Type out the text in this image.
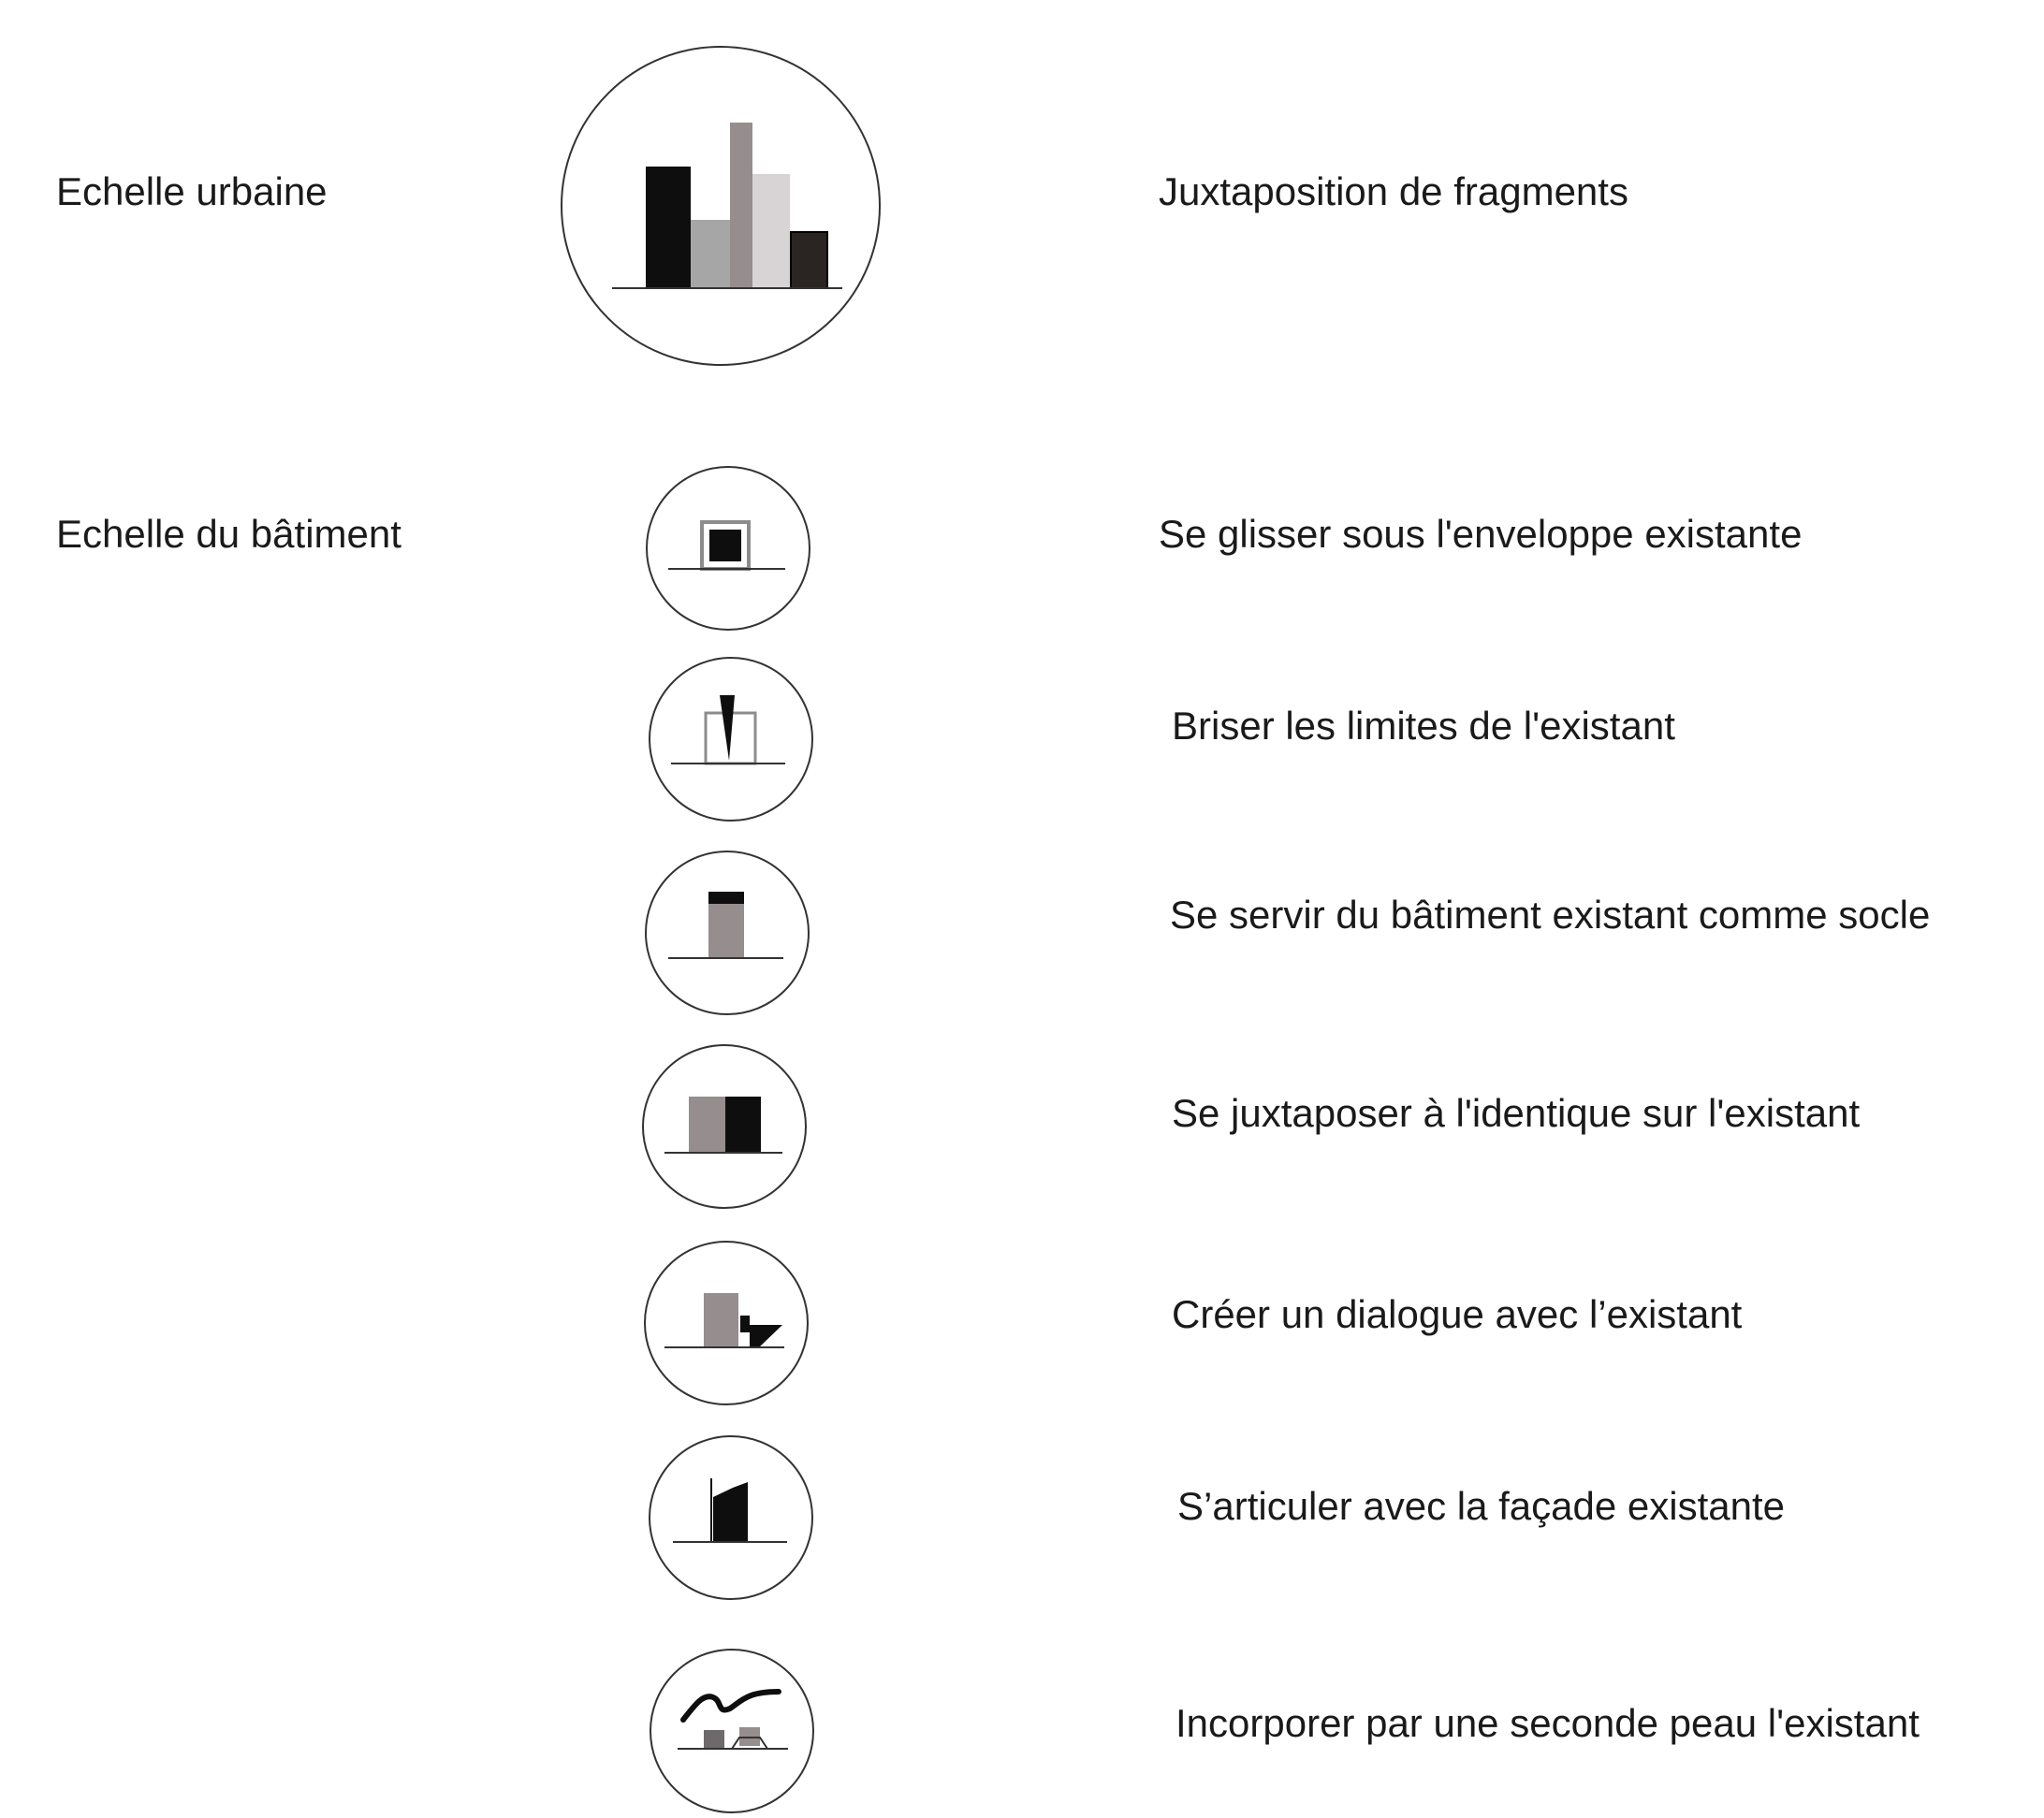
Echelle urbaine
Echelle du bâtiment
Juxtaposition de fragments
Se glisser sous l'enveloppe existante
Briser les limites de l'existant
Se servir du bâtiment existant comme socle
Se juxtaposer à l'identique sur l'existant
Créer un dialogue avec l’existant
S’articuler avec la façade existante
Incorporer par une seconde peau l'existant
